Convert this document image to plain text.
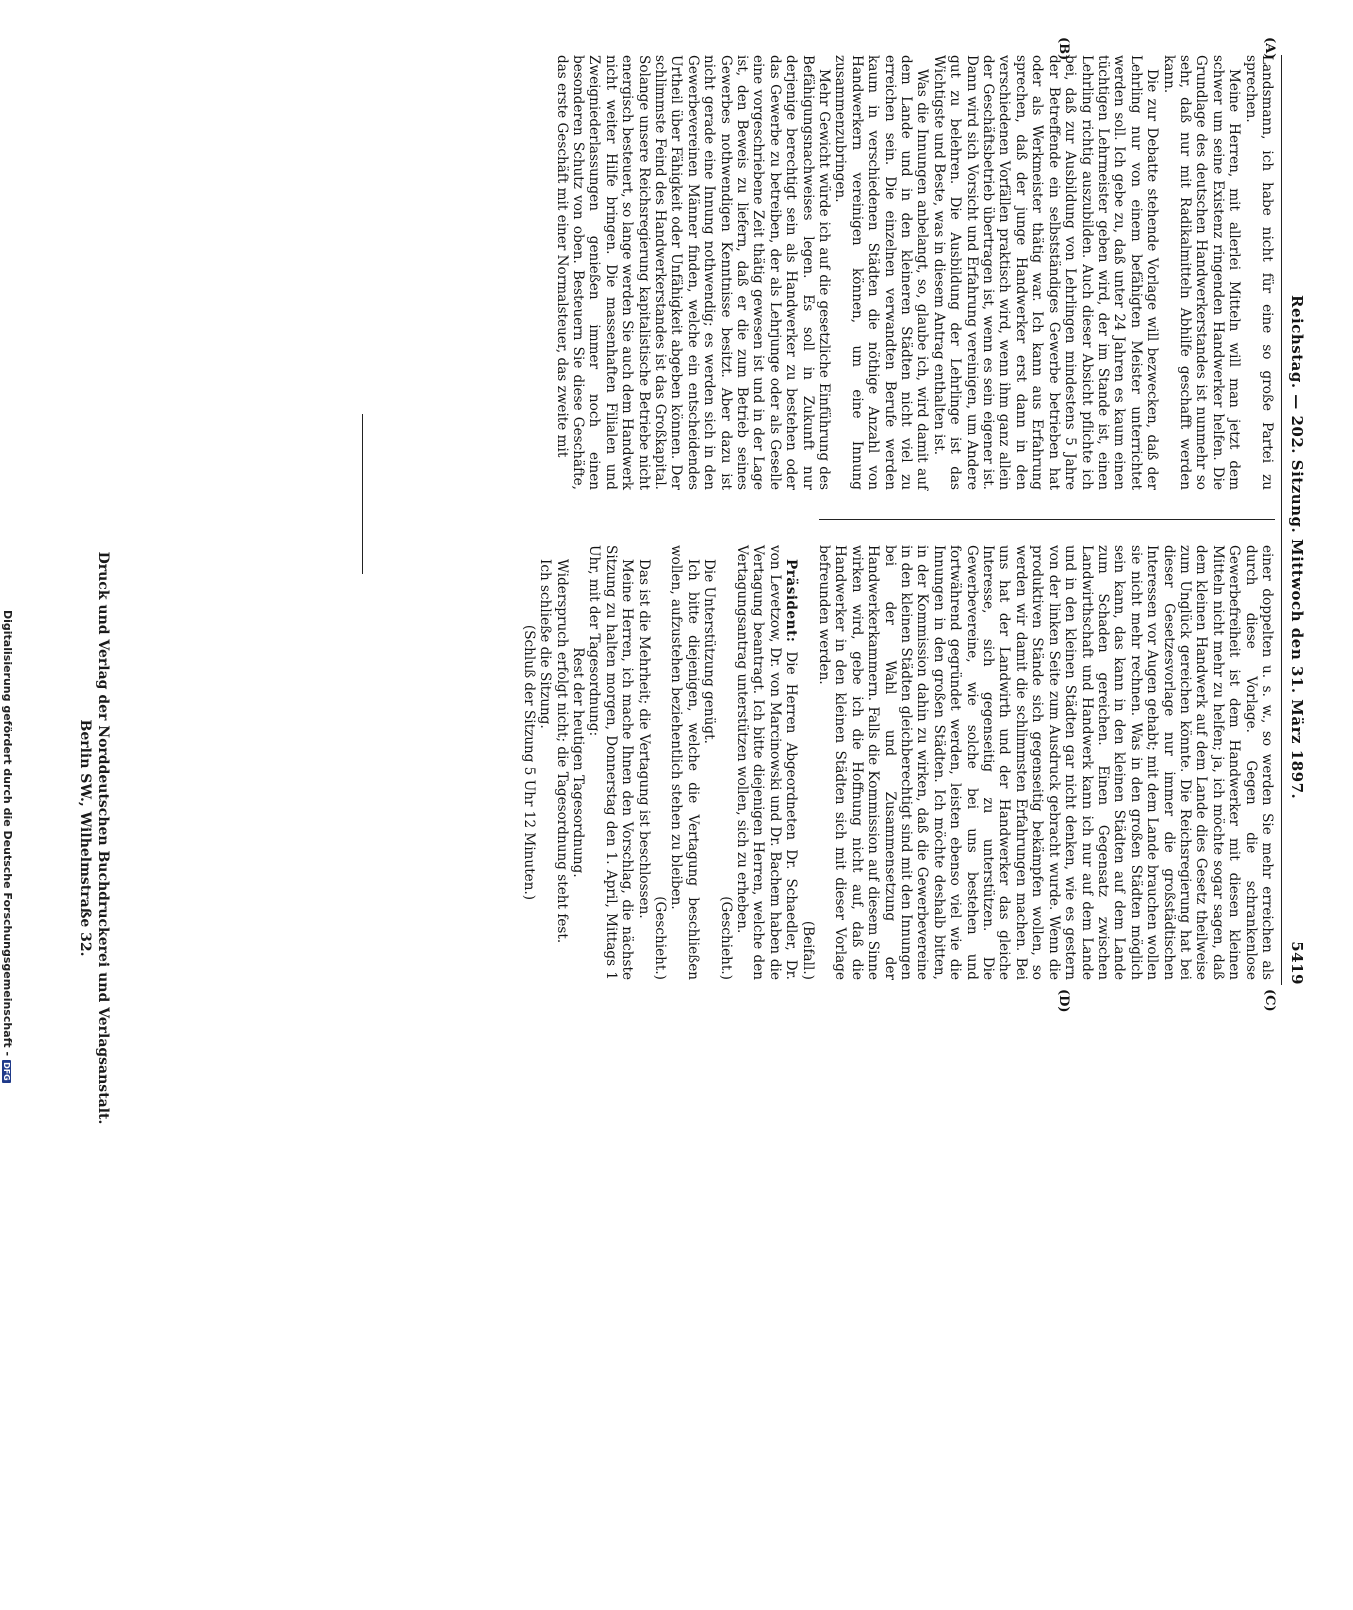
Reichstag. — 202. Sitzung. Mittwoch den 31. März 1897.
5419
(A)
(B)
(C)
(D)

Landsmann, ich habe nicht für eine so große Partei zu sprechen.

Meine Herren, mit allerlei Mitteln will man jetzt dem schwer um seine Existenz ringenden Handwerker helfen. Die Grundlage des deutschen Handwerkerstandes ist nunmehr so sehr, daß nur mit Radikalmitteln Abhilfe geschafft werden kann.

Die zur Debatte stehende Vorlage will bezwecken, daß der Lehrling nur von einem befähigten Meister unterrichtet werden soll. Ich gebe zu, daß unter 24 Jahren es kaum einen tüchtigen Lehrmeister geben wird, der im Stande ist, einen Lehrling richtig auszubilden. Auch dieser Absicht pflichte ich bei, daß zur Ausbildung von Lehrlingen mindestens 5 Jahre der Betreffende ein selbstständiges Gewerbe betrieben hat oder als Werkmeister thätig war. Ich kann aus Erfahrung sprechen, daß der junge Handwerker erst dann in den verschiedenen Vorfällen praktisch wird, wenn ihm ganz allein der Geschäftsbetrieb übertragen ist, wenn es sein eigener ist. Dann wird sich Vorsicht und Erfahrung vereinigen, um Andere gut zu belehren. Die Ausbildung der Lehrlinge ist das Wichtigste und Beste, was in diesem Antrag enthalten ist.

Was die Innungen anbelangt, so, glaube ich, wird damit auf dem Lande und in den kleineren Städten nicht viel zu erreichen sein. Die einzelnen verwandten Berufe werden kaum in verschiedenen Städten die nöthige Anzahl von Handwerkern vereinigen können, um eine Innung zusammenzubringen.

Mehr Gewicht würde ich auf die gesetzliche Einführung des Befähigungsnachweises legen. Es soll in Zukunft nur derjenige berechtigt sein als Handwerker zu bestehen oder das Gewerbe zu betreiben, der als Lehrjunge oder als Geselle eine vorgeschriebene Zeit thätig gewesen ist und in der Lage ist, den Beweis zu liefern, daß er die zum Betrieb seines Gewerbes nothwendigen Kenntnisse besitzt. Aber dazu ist nicht gerade eine Innung nothwendig; es werden sich in den Gewerbevereinen Männer finden, welche ein entscheidendes Urtheil über Fähigkeit oder Unfähigkeit abgeben können. Der schlimmste Feind des Handwerkerstandes ist das Großkapital. Solange unsere Reichsregierung kapitalistische Betriebe nicht energisch besteuert, so lange werden Sie auch dem Handwerk nicht weiter Hilfe bringen. Die massenhaften Filialen und Zweigniederlassungen genießen immer noch einen besonderen Schutz von oben. Besteuern Sie diese Geschäfte, das erste Geschäft mit einer Normalsteuer, das zweite mit

einer doppelten u. s. w., so werden Sie mehr erreichen als durch diese Vorlage. Gegen die schrankenlose Gewerbefreiheit ist dem Handwerker mit diesen kleinen Mitteln nicht mehr zu helfen; ja, ich möchte sogar sagen, daß dem kleinen Handwerk auf dem Lande dies Gesetz theilweise zum Unglück gereichen könnte. Die Reichsregierung hat bei dieser Gesetzesvorlage nur immer die großstädtischen Interessen vor Augen gehabt; mit dem Lande brauchen wollen sie nicht mehr rechnen. Was in den großen Städten möglich sein kann, das kann in den kleinen Städten auf dem Lande zum Schaden gereichen. Einen Gegensatz zwischen Landwirthschaft und Handwerk kann ich nur auf dem Lande und in den kleinen Städten gar nicht denken, wie es gestern von der linken Seite zum Ausdruck gebracht wurde. Wenn die produktiven Stände sich gegenseitig bekämpfen wollen, so werden wir damit die schlimmsten Erfahrungen machen. Bei uns hat der Landwirth und der Handwerker das gleiche Interesse, sich gegenseitig zu unterstützen. Die Gewerbevereine, wie solche bei uns bestehen und fortwährend gegründet werden, leisten ebenso viel wie die Innungen in den großen Städten. Ich möchte deshalb bitten, in der Kommission dahin zu wirken, daß die Gewerbevereine in den kleinen Städten gleichberechtigt sind mit den Innungen bei der Wahl und Zusammensetzung der Handwerkerkammern. Falls die Kommission auf diesem Sinne wirken wird, gebe ich die Hoffnung nicht auf, daß die Handwerker in den kleinen Städten sich mit dieser Vorlage befreunden werden.

(Beifall.)

Präsident: Die Herren Abgeordneten Dr. Schaedler, Dr. von Levetzow, Dr. von Marcinowski und Dr. Bachem haben die Vertagung beantragt. Ich bitte diejenigen Herren, welche den Vertagungsantrag unterstützen wollen, sich zu erheben.

(Geschieht.)

Die Unterstützung genügt.

Ich bitte diejenigen, welche die Vertagung beschließen wollen, aufzustehen beziehentlich stehen zu bleiben.

(Geschieht.)

Das ist die Mehrheit; die Vertagung ist beschlossen.

Meine Herren, ich mache Ihnen den Vorschlag, die nächste Sitzung zu halten morgen, Donnerstag den 1. April, Mittags 1 Uhr, mit der Tagesordnung:

Rest der heutigen Tagesordnung.

Widerspruch erfolgt nicht; die Tagesordnung steht fest.

Ich schließe die Sitzung.

(Schluß der Sitzung 5 Uhr 12 Minuten.)

Druck und Verlag der Norddeutschen Buchdruckerei und Verlagsanstalt.
Berlin SW., Wilhelmstraße 32.
Digitalisierung gefördert durch die Deutsche Forschungsgemeinschaft -DFG
